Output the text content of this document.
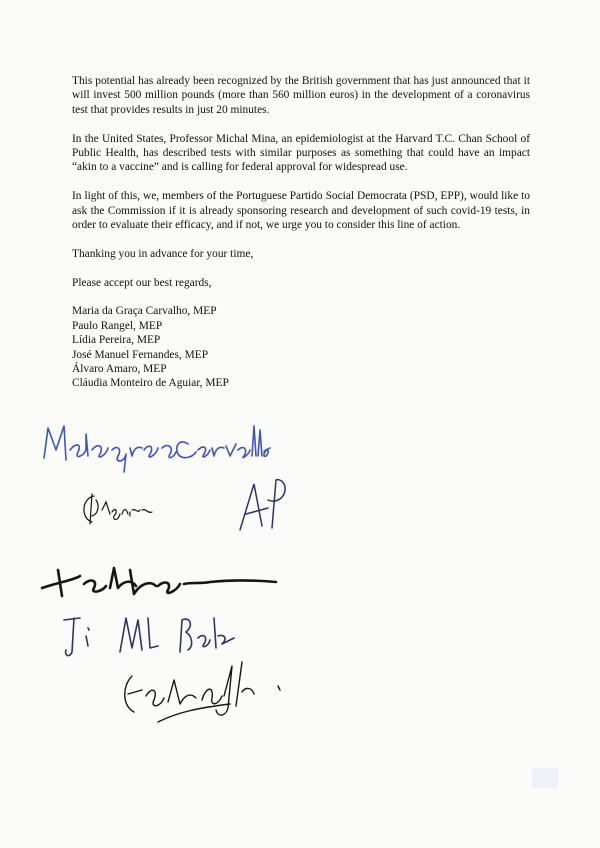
This potential has already been recognized by the British government that has just announced that it will invest 500 million pounds (more than 560 million euros) in the development of a coronavirus test that provides results in just 20 minutes.

In the United States, Professor Michal Mina, an epidemiologist at the Harvard T.C. Chan School of Public Health, has described tests with similar purposes as something that could have an impact “akin to a vaccine” and is calling for federal approval for widespread use.

In light of this, we, members of the Portuguese Partido Social Democrata (PSD, EPP), would like to ask the Commission if it is already sponsoring research and development of such covid-19 tests, in order to evaluate their efficacy, and if not, we urge you to consider this line of action.

Thanking you in advance for your time,

Please accept our best regards,

Maria da Graça Carvalho, MEP
Paulo Rangel, MEP
Lídia Pereira, MEP
José Manuel Fernandes, MEP
Álvaro Amaro, MEP
Cláudia Monteiro de Aguiar, MEP
